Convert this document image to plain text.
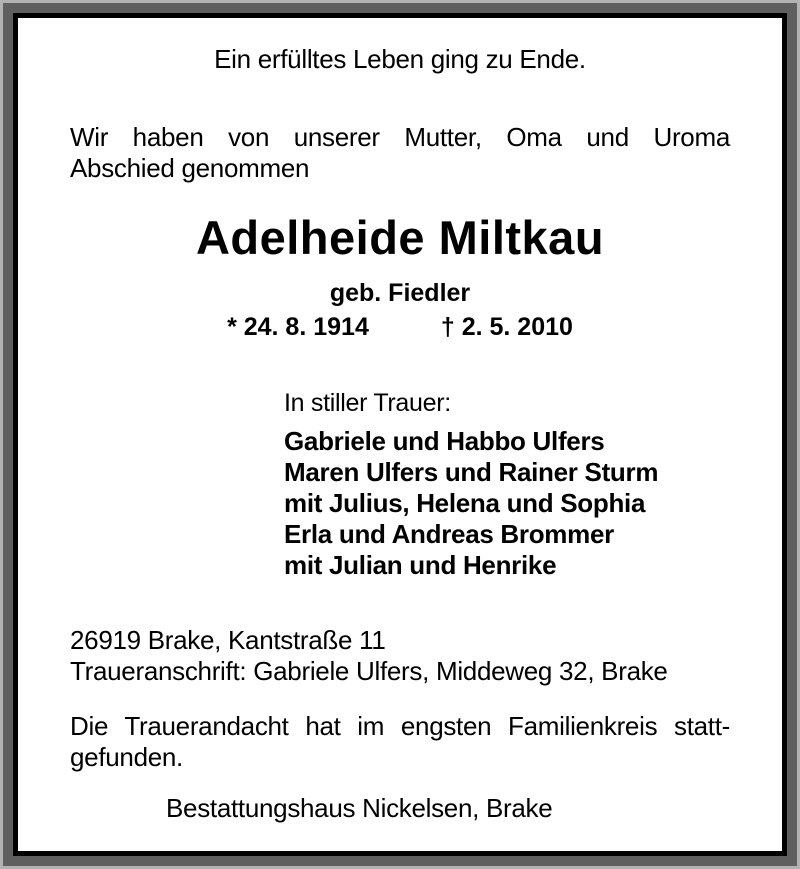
Ein erfülltes Leben ging zu Ende.
Wir haben von unserer Mutter, Oma und Uroma
Abschied genommen
Adelheide Miltkau
geb. Fiedler
* 24. 8. 1914	† 2. 5. 2010
In stiller Trauer:
Gabriele und Habbo Ulfers
Maren Ulfers und Rainer Sturm
mit Julius, Helena und Sophia
Erla und Andreas Brommer
mit Julian und Henrike
26919 Brake, Kantstraße 11
Traueranschrift: Gabriele Ulfers, Middeweg 32, Brake
Die Trauerandacht hat im engsten Familienkreis statt-
gefunden.
Bestattungshaus Nickelsen, Brake
